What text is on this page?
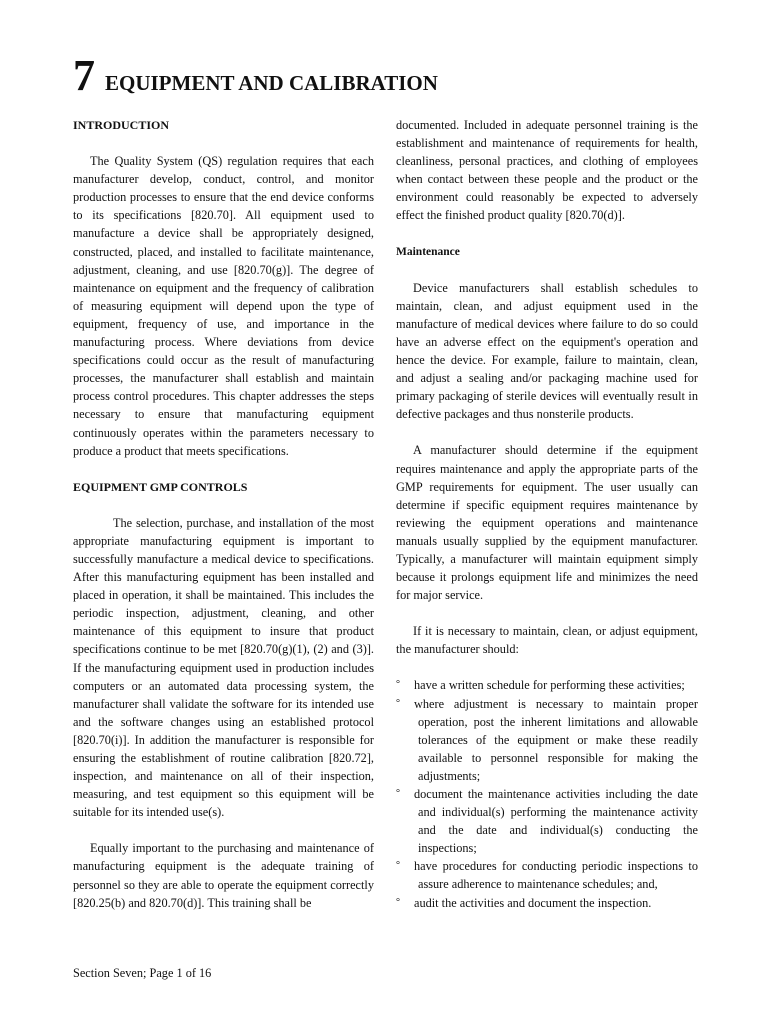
7 EQUIPMENT AND CALIBRATION

INTRODUCTION

The Quality System (QS) regulation requires that each manufacturer develop, conduct, control, and monitor production processes to ensure that the end device conforms to its specifications [820.70]. All equipment used to manufacture a device shall be appropriately designed, constructed, placed, and installed to facilitate maintenance, adjustment, cleaning, and use [820.70(g)]. The degree of maintenance on equipment and the frequency of calibration of measuring equipment will depend upon the type of equipment, frequency of use, and importance in the manufacturing process. Where deviations from device specifications could occur as the result of manufacturing processes, the manufacturer shall establish and maintain process control procedures. This chapter addresses the steps necessary to ensure that manufacturing equipment continuously operates within the parameters necessary to produce a product that meets specifications.

EQUIPMENT GMP CONTROLS

The selection, purchase, and installation of the most appropriate manufacturing equipment is important to successfully manufacture a medical device to specifications. After this manufacturing equipment has been installed and placed in operation, it shall be maintained. This includes the periodic inspection, adjustment, cleaning, and other maintenance of this equipment to insure that product specifications continue to be met [820.70(g)(1), (2) and (3)]. If the manufacturing equipment used in production includes computers or an automated data processing system, the manufacturer shall validate the software for its intended use and the software changes using an established protocol [820.70(i)]. In addition the manufacturer is responsible for ensuring the establishment of routine calibration [820.72], inspection, and maintenance on all of their inspection, measuring, and test equipment so this equipment will be suitable for its intended use(s).

Equally important to the purchasing and maintenance of manufacturing equipment is the adequate training of personnel so they are able to operate the equipment correctly [820.25(b) and 820.70(d)]. This training shall be

documented. Included in adequate personnel training is the establishment and maintenance of requirements for health, cleanliness, personal practices, and clothing of employees when contact between these people and the product or the environment could reasonably be expected to adversely effect the finished product quality [820.70(d)].

Maintenance

Device manufacturers shall establish schedules to maintain, clean, and adjust equipment used in the manufacture of medical devices where failure to do so could have an adverse effect on the equipment's operation and hence the device. For example, failure to maintain, clean, and adjust a sealing and/or packaging machine used for primary packaging of sterile devices will eventually result in defective packages and thus nonsterile products.

A manufacturer should determine if the equipment requires maintenance and apply the appropriate parts of the GMP requirements for equipment. The user usually can determine if specific equipment requires maintenance by reviewing the equipment operations and maintenance manuals usually supplied by the equipment manufacturer. Typically, a manufacturer will maintain equipment simply because it prolongs equipment life and minimizes the need for major service.

If it is necessary to maintain, clean, or adjust equipment, the manufacturer should:

° have a written schedule for performing these activities;
° where adjustment is necessary to maintain proper operation, post the inherent limitations and allowable tolerances of the equipment or make these readily available to personnel responsible for making the adjustments;
° document the maintenance activities including the date and individual(s) performing the maintenance activity and the date and individual(s) conducting the inspections;
° have procedures for conducting periodic inspections to assure adherence to maintenance schedules; and,
° audit the activities and document the inspection.
Section Seven; Page 1 of 16
